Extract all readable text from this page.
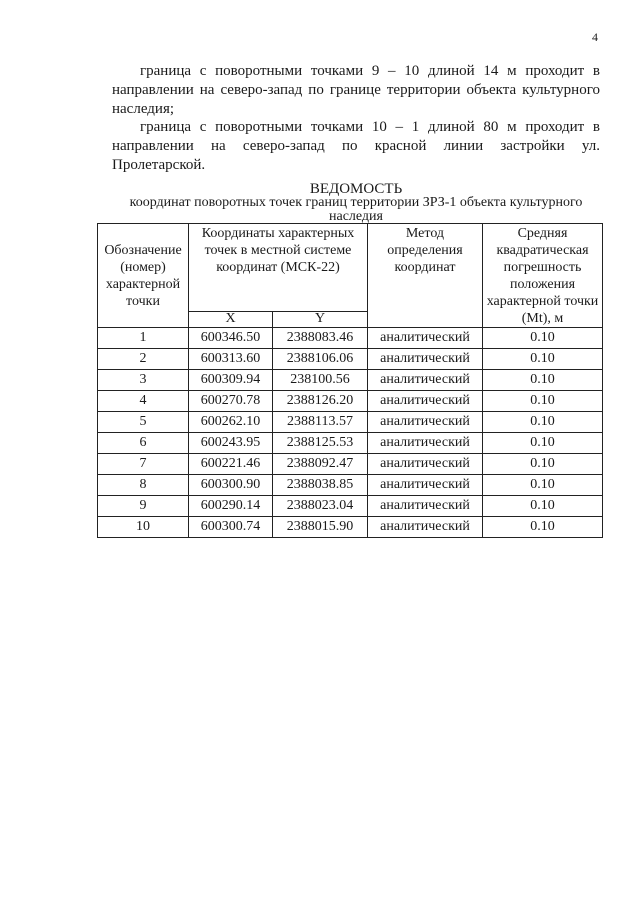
4
граница с поворотными точками 9 – 10 длиной 14 м проходит в направлении на северо-запад по границе территории объекта культурного наследия;
граница с поворотными точками 10 – 1 длиной 80 м проходит в направлении на северо-запад по красной линии застройки ул. Пролетарской.
ВЕДОМОСТЬ
координат поворотных точек границ территории ЗРЗ-1 объекта культурного наследия
Обозначение (номер) характерной точки	Координаты характерных точек в местной системе координат (МСК-22)		Метод определения координат	Средняя квадратическая погрешность положения характерной точки (Mt), м
	X	Y		
1	600346.50	2388083.46	аналитический	0.10
2	600313.60	2388106.06	аналитический	0.10
3	600309.94	238100.56	аналитический	0.10
4	600270.78	2388126.20	аналитический	0.10
5	600262.10	2388113.57	аналитический	0.10
6	600243.95	2388125.53	аналитический	0.10
7	600221.46	2388092.47	аналитический	0.10
8	600300.90	2388038.85	аналитический	0.10
9	600290.14	2388023.04	аналитический	0.10
10	600300.74	2388015.90	аналитический	0.10
